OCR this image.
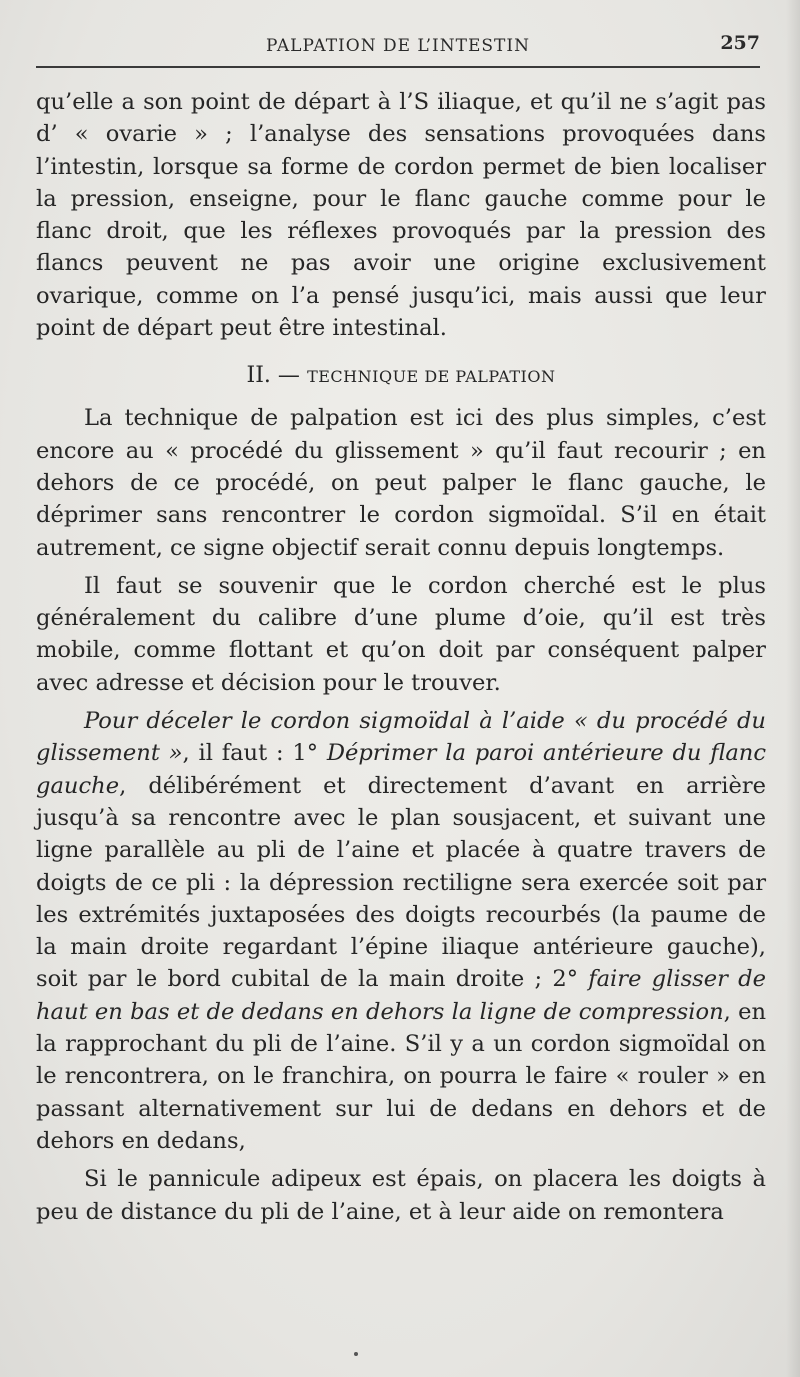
PALPATION DE L’INTESTIN	257

qu’elle a son point de départ à l’S iliaque, et qu’il ne s’agit pas d’ « ovarie » ; l’analyse des sensations provoquées dans l’intestin, lorsque sa forme de cordon permet de bien localiser la pression, enseigne, pour le flanc gauche comme pour le flanc droit, que les réflexes provoqués par la pression des flancs peuvent ne pas avoir une origine exclusivement ovarique, comme on l’a pensé jusqu’ici, mais aussi que leur point de départ peut être intestinal.

II. — TECHNIQUE DE PALPATION

La technique de palpation est ici des plus simples, c’est encore au « procédé du glissement » qu’il faut recourir ; en dehors de ce procédé, on peut palper le flanc gauche, le déprimer sans rencontrer le cordon sigmoïdal. S’il en était autrement, ce signe objectif serait connu depuis longtemps.

Il faut se souvenir que le cordon cherché est le plus généralement du calibre d’une plume d’oie, qu’il est très mobile, comme flottant et qu’on doit par conséquent palper avec adresse et décision pour le trouver.

Pour déceler le cordon sigmoïdal à l’aide « du procédé du glissement », il faut : 1° Déprimer la paroi antérieure du flanc gauche, délibérément et directement d’avant en arrière jusqu’à sa rencontre avec le plan sousjacent, et suivant une ligne parallèle au pli de l’aine et placée à quatre travers de doigts de ce pli : la dépression rectiligne sera exercée soit par les extrémités juxtaposées des doigts recourbés (la paume de la main droite regardant l’épine iliaque antérieure gauche), soit par le bord cubital de la main droite ; 2° faire glisser de haut en bas et de dedans en dehors la ligne de compression, en la rapprochant du pli de l’aine. S’il y a un cordon sigmoïdal on le rencontrera, on le franchira, on pourra le faire « rouler » en passant alternativement sur lui de dedans en dehors et de dehors en dedans,

Si le pannicule adipeux est épais, on placera les doigts à peu de distance du pli de l’aine, et à leur aide on remontera
